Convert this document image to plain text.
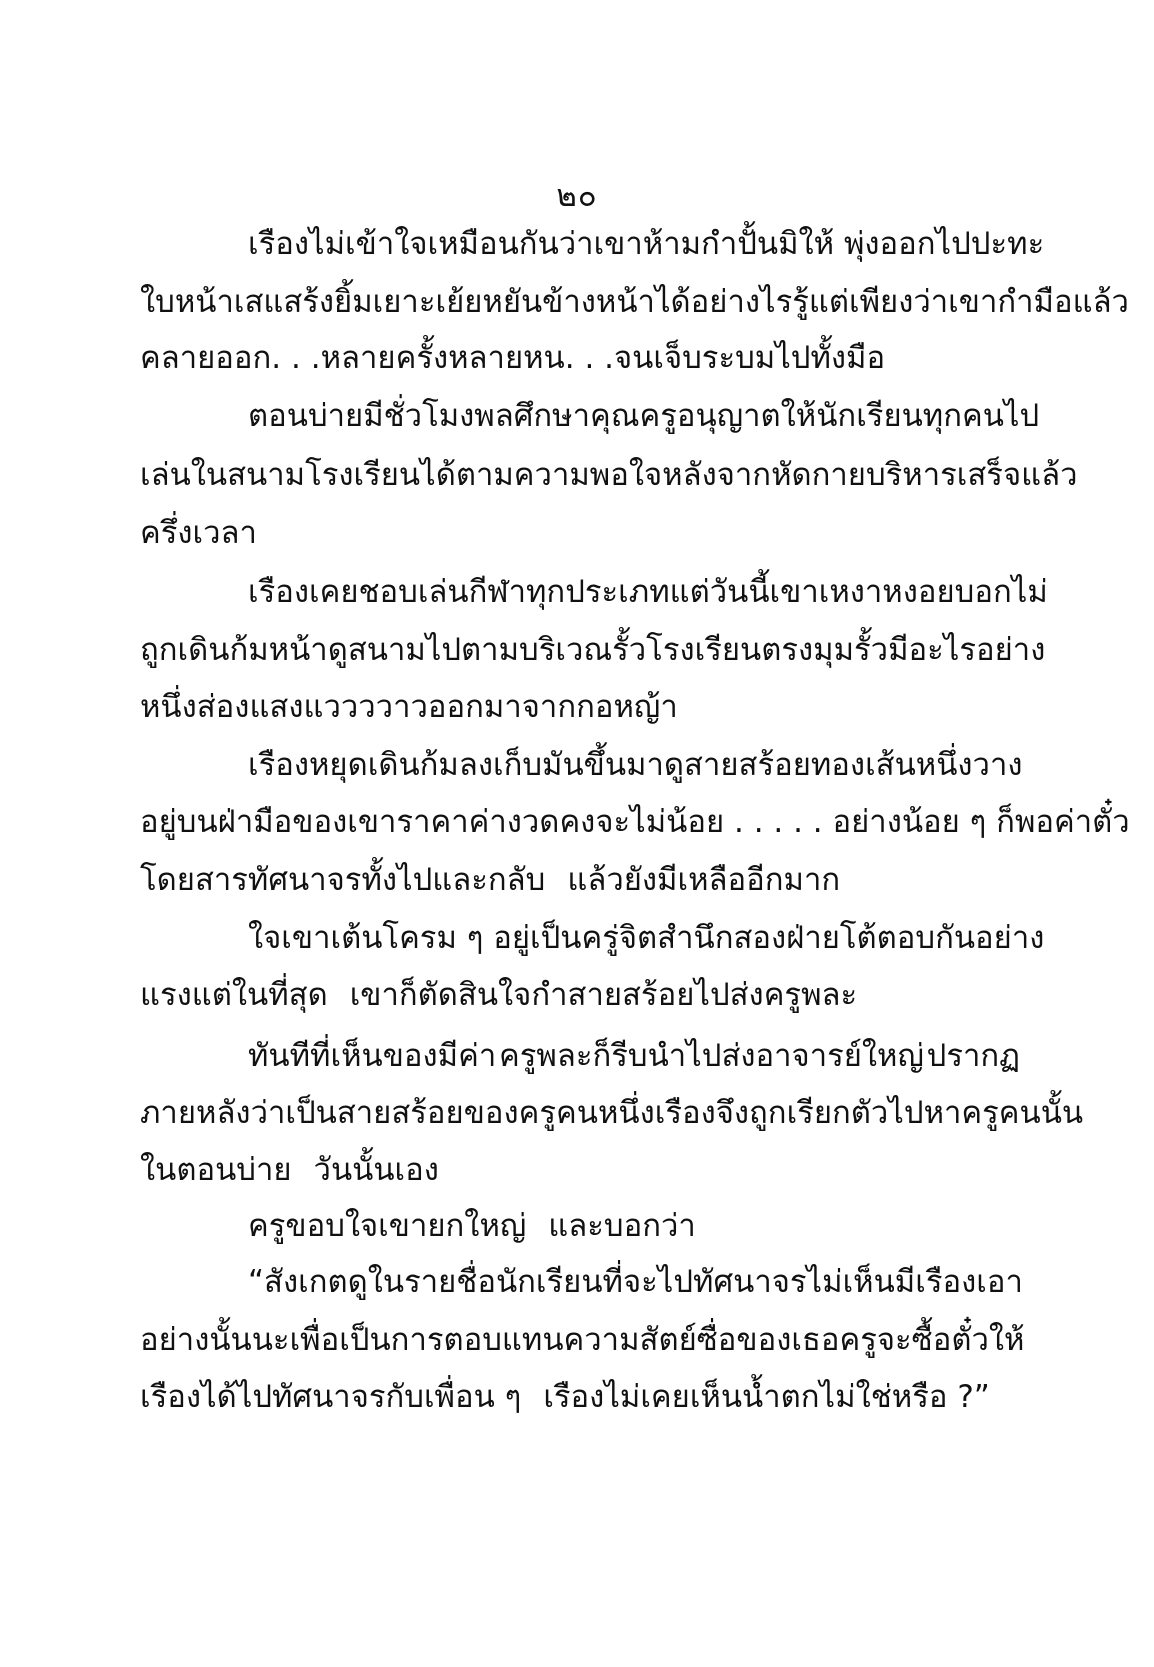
๒๐
เรืองไม่เข้าใจเหมือนกันว่า เขาห้ามกำปั้นมิให้ พุ่งออกไปปะทะ
ใบหน้าเสแสร้งยิ้มเยาะเย้ยหยันข้างหน้าได้อย่างไร รู้แต่เพียงว่าเขากำมือแล้ว
คลายออก. . .หลายครั้งหลายหน. . .จนเจ็บระบมไปทั้งมือ
ตอนบ่ายมีชั่วโมงพลศึกษา คุณครูอนุญาตให้นักเรียนทุกคนไป
เล่นในสนามโรงเรียนได้ตามความพอใจ หลังจากหัดกายบริหารเสร็จแล้ว
ครึ่งเวลา
เรืองเคยชอบเล่นกีฬาทุกประเภท แต่วันนี้เขาเหงาหงอยบอกไม่
ถูกเดินก้มหน้าดูสนามไปตามบริเวณรั้วโรงเรียน ตรงมุมรั้ว มีอะไรอย่าง
หนึ่งส่องแสงแววววาวออกมาจากกอหญ้า
เรืองหยุดเดิน ก้มลงเก็บมันขึ้นมาดู สายสร้อยทองเส้นหนึ่งวาง
อยู่บนฝ่ามือของเขาราคาค่างวดคงจะไม่น้อย . . . . . อย่างน้อย ๆ ก็พอค่าตั๋ว
โดยสารทัศนาจรทั้งไปและกลับ แล้วยังมีเหลืออีกมาก
ใจเขาเต้นโครม ๆ อยู่เป็นครู่ จิตสำนึกสองฝ่ายโต้ตอบกันอย่าง
แรงแต่ในที่สุด เขาก็ตัดสินใจกำสายสร้อยไปส่งครูพละ
ทันทีที่เห็นของมีค่า ครูพละก็รีบนำไปส่งอาจารย์ใหญ่ ปรากฏ
ภายหลังว่าเป็นสายสร้อยของครูคนหนึ่ง เรืองจึงถูกเรียกตัวไปหาครูคนนั้น
ในตอนบ่าย วันนั้นเอง
ครูขอบใจเขายกใหญ่ และบอกว่า
“สังเกตดูในรายชื่อนักเรียนที่จะไปทัศนาจรไม่เห็นมีเรือง เอา
อย่างนั้นนะ เพื่อเป็นการตอบแทนความสัตย์ซื่อของเธอ ครูจะซื้อตั๋วให้
เรืองได้ไปทัศนาจรกับเพื่อน ๆ เรืองไม่เคยเห็นน้ำตกไม่ใช่หรือ ?”
